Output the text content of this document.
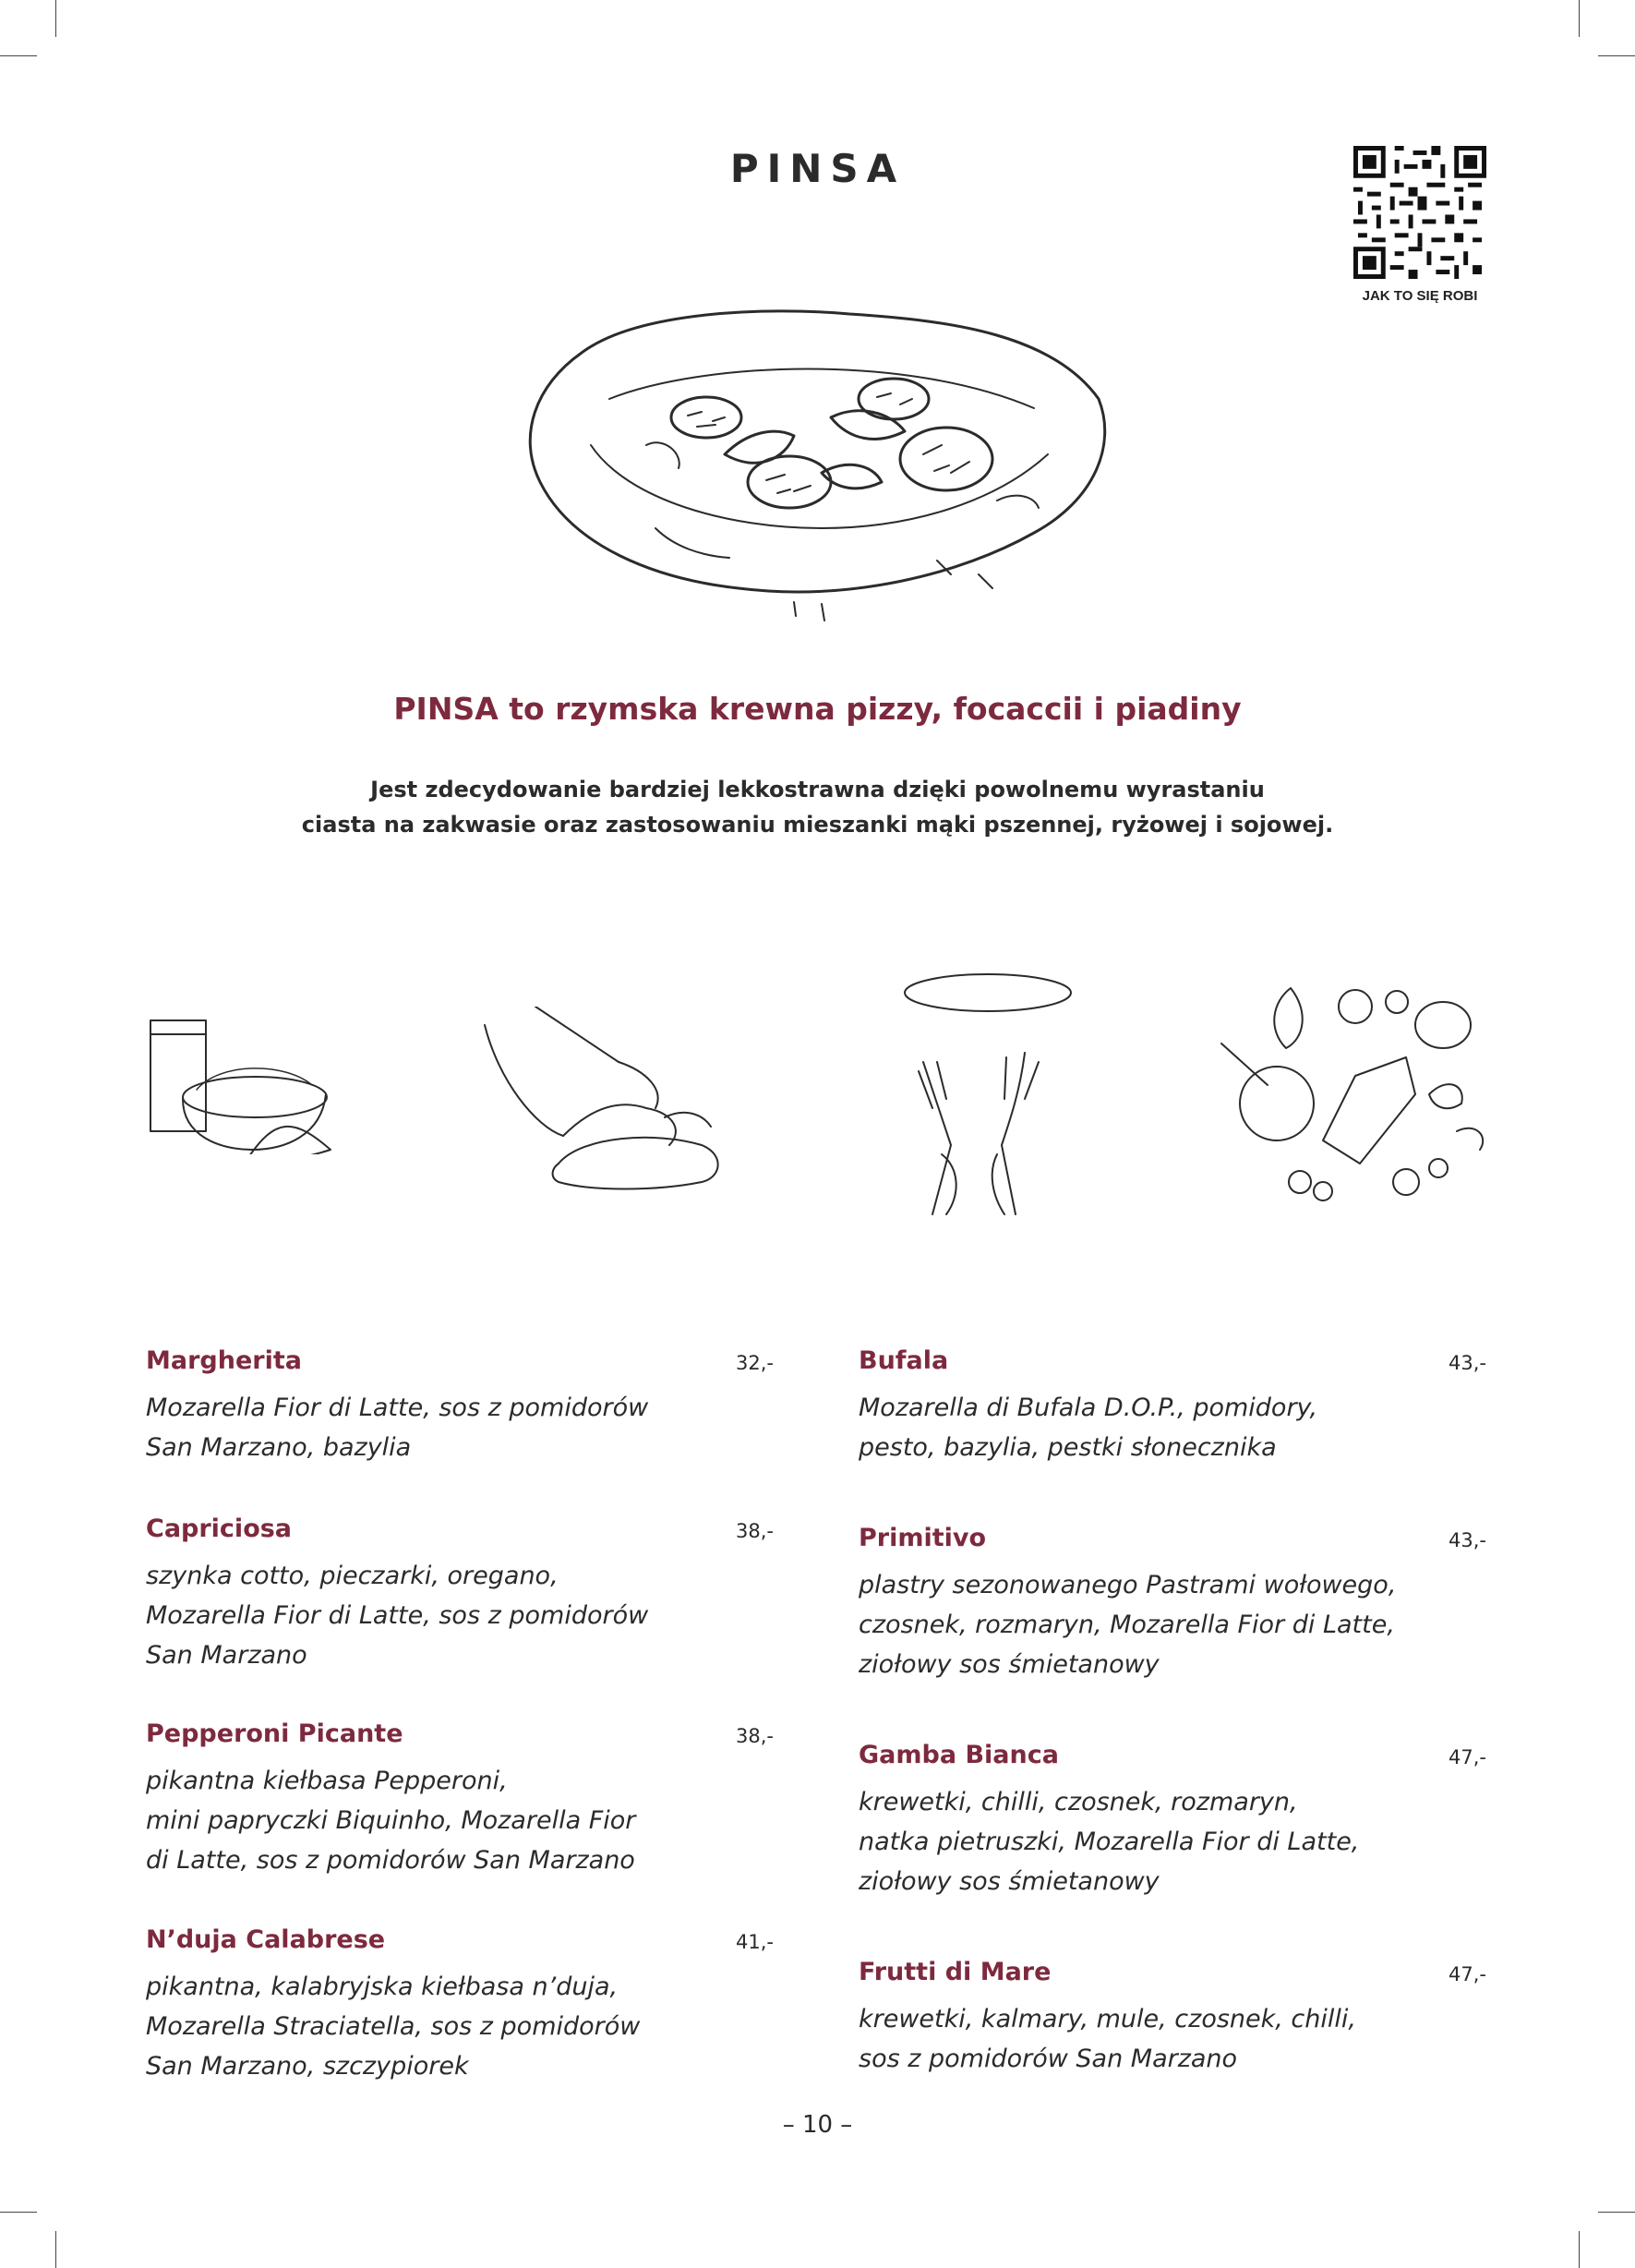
PINSA
JAK TO SIĘ ROBI
PINSA to rzymska krewna pizzy, focaccii i piadiny
Jest zdecydowanie bardziej lekkostrawna dzięki powolnemu wyrastaniu
ciasta na zakwasie oraz zastosowaniu mieszanki mąki pszennej, ryżowej i sojowej.
Margherita	32,-
Mozarella Fior di Latte, sos z pomidorów
San Marzano, bazylia
Capriciosa	38,-
szynka cotto, pieczarki, oregano,
Mozarella Fior di Latte, sos z pomidorów
San Marzano
Pepperoni Picante	38,-
pikantna kiełbasa Pepperoni,
mini papryczki Biquinho, Mozarella Fior
di Latte, sos z pomidorów San Marzano
N’duja Calabrese	41,-
pikantna, kalabryjska kiełbasa n’duja,
Mozarella Straciatella, sos z pomidorów
San Marzano, szczypiorek
Bufala	43,-
Mozarella di Bufala D.O.P., pomidory,
pesto, bazylia, pestki słonecznika
Primitivo	43,-
plastry sezonowanego Pastrami wołowego,
czosnek, rozmaryn, Mozarella Fior di Latte,
ziołowy sos śmietanowy
Gamba Bianca	47,-
krewetki, chilli, czosnek, rozmaryn,
natka pietruszki, Mozarella Fior di Latte,
ziołowy sos śmietanowy
Frutti di Mare	47,-
krewetki, kalmary, mule, czosnek, chilli,
sos z pomidorów San Marzano
– 10 –
